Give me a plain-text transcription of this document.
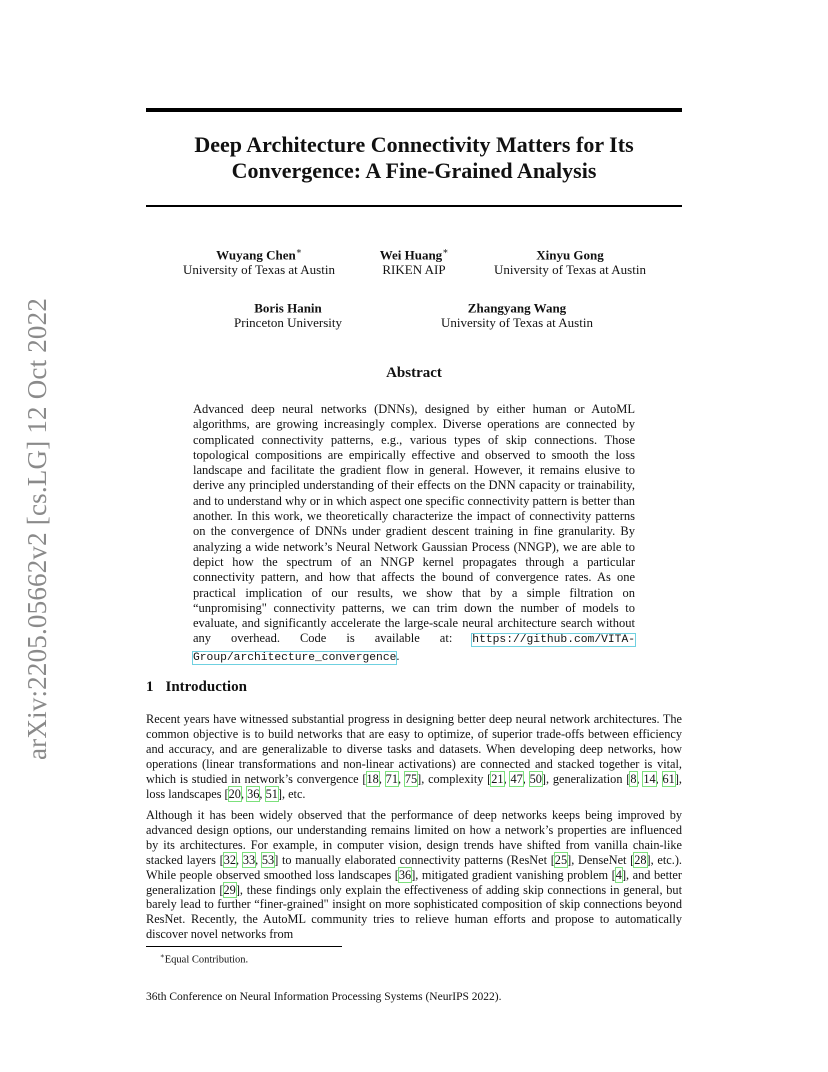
arXiv:2205.05662v2 [cs.LG] 12 Oct 2022
Deep Architecture Connectivity Matters for Its
Convergence: A Fine-Grained Analysis
Wuyang Chen∗
University of Texas at Austin
Wei Huang∗
RIKEN AIP
Xinyu Gong
University of Texas at Austin
Boris Hanin
Princeton University
Zhangyang Wang
University of Texas at Austin
Abstract
Advanced deep neural networks (DNNs), designed by either human or AutoML algorithms, are growing increasingly complex. Diverse operations are connected by complicated connectivity patterns, e.g., various types of skip connections. Those topological compositions are empirically effective and observed to smooth the loss landscape and facilitate the gradient flow in general. However, it remains elusive to derive any principled understanding of their effects on the DNN capacity or trainability, and to understand why or in which aspect one specific connectivity pattern is better than another. In this work, we theoretically characterize the impact of connectivity patterns on the convergence of DNNs under gradient descent training in fine granularity. By analyzing a wide network’s Neural Network Gaussian Process (NNGP), we are able to depict how the spectrum of an NNGP kernel propagates through a particular connectivity pattern, and how that affects the bound of convergence rates. As one practical implication of our results, we show that by a simple filtration on “unpromising" connectivity patterns, we can trim down the number of models to evaluate, and significantly accelerate the large-scale neural architecture search without any overhead. Code is available at: https://github.com/VITA-Group/architecture_convergence.
1 Introduction
Recent years have witnessed substantial progress in designing better deep neural network architectures. The common objective is to build networks that are easy to optimize, of superior trade-offs between efficiency and accuracy, and are generalizable to diverse tasks and datasets. When developing deep networks, how operations (linear transformations and non-linear activations) are connected and stacked together is vital, which is studied in network’s convergence [18, 71, 75], complexity [21, 47, 50], generalization [8, 14, 61], loss landscapes [20, 36, 51], etc.
Although it has been widely observed that the performance of deep networks keeps being improved by advanced design options, our understanding remains limited on how a network’s properties are influenced by its architectures. For example, in computer vision, design trends have shifted from vanilla chain-like stacked layers [32, 33, 53] to manually elaborated connectivity patterns (ResNet [25], DenseNet [28], etc.). While people observed smoothed loss landscapes [36], mitigated gradient vanishing problem [4], and better generalization [29], these findings only explain the effectiveness of adding skip connections in general, but barely lead to further “finer-grained" insight on more sophisticated composition of skip connections beyond ResNet. Recently, the AutoML community tries to relieve human efforts and propose to automatically discover novel networks from
∗Equal Contribution.
36th Conference on Neural Information Processing Systems (NeurIPS 2022).
